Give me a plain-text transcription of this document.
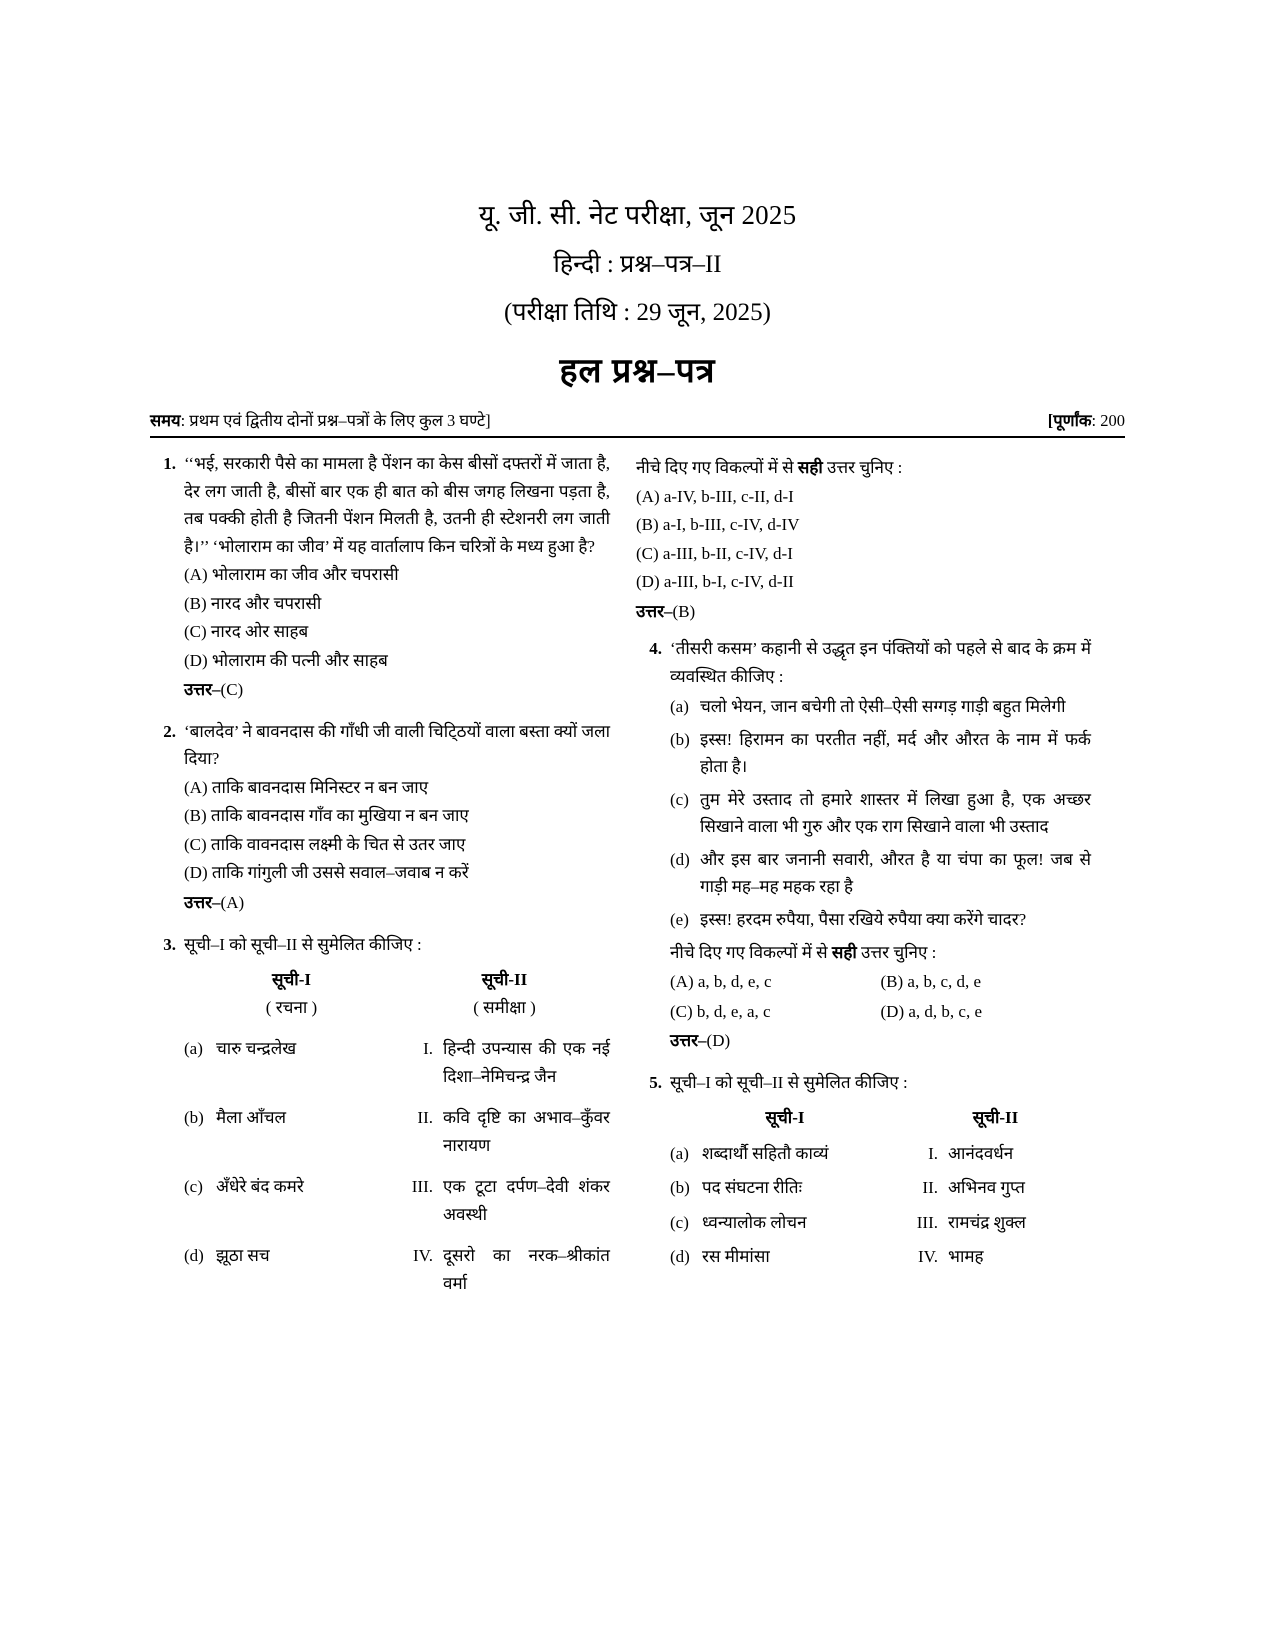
यू. जी. सी. नेट परीक्षा, जून 2025
हिन्दी : प्रश्न–पत्र–II
(परीक्षा तिथि : 29 जून, 2025)
हल प्रश्न–पत्र
समय: प्रथम एवं द्वितीय दोनों प्रश्न–पत्रों के लिए कुल 3 घण्टे]	[पूर्णांक: 200
1. ‘‘भई, सरकारी पैसे का मामला है पेंशन का केस बीसों दफ्तरों में जाता है, देर लग जाती है, बीसों बार एक ही बात को बीस जगह लिखना पड़ता है, तब पक्की होती है जितनी पेंशन मिलती है, उतनी ही स्टेशनरी लग जाती है।’’ ‘भोलाराम का जीव’ में यह वार्तालाप किन चरित्रों के मध्य हुआ है?
(A) भोलाराम का जीव और चपरासी
(B) नारद और चपरासी
(C) नारद ओर साहब
(D) भोलाराम की पत्नी और साहब
उत्तर–(C)
2. ‘बालदेव’ ने बावनदास की गाँधी जी वाली चिटि्ठयों वाला बस्ता क्यों जला दिया?
(A) ताकि बावनदास मिनिस्टर न बन जाए
(B) ताकि बावनदास गाँव का मुखिया न बन जाए
(C) ताकि वावनदास लक्ष्मी के चित से उतर जाए
(D) ताकि गांगुली जी उससे सवाल–जवाब न करें
उत्तर–(A)
3. सूची–I को सूची–II से सुमेलित कीजिए :
सूची-I
( रचना )
सूची-II
( समीक्षा )
(a) चारु चन्द्रलेख	I. हिन्दी उपन्यास की एक नई दिशा–नेमिचन्द्र जैन
(b) मैला आँचल	II. कवि दृष्टि का अभाव–कुँवर नारायण
(c) अँधेरे बंद कमरे	III. एक टूटा दर्पण–देवी शंकर अवस्थी
(d) झूठा सच	IV. दूसरो का नरक–श्रीकांत वर्मा
नीचे दिए गए विकल्पों में से सही उत्तर चुनिए :
(A) a-IV, b-III, c-II, d-I
(B) a-I, b-III, c-IV, d-IV
(C) a-III, b-II, c-IV, d-I
(D) a-III, b-I, c-IV, d-II
उत्तर–(B)
4. ‘तीसरी कसम’ कहानी से उद्धृत इन पंक्तियों को पहले से बाद के क्रम में व्यवस्थित कीजिए :
(a) चलो भेयन, जान बचेगी तो ऐसी–ऐसी सग्गड़ गाड़ी बहुत मिलेगी
(b) इस्स! हिरामन का परतीत नहीं, मर्द और औरत के नाम में फर्क होता है।
(c) तुम मेरे उस्ताद तो हमारे शास्तर में लिखा हुआ है, एक अच्छर सिखाने वाला भी गुरु और एक राग सिखाने वाला भी उस्ताद
(d) और इस बार जनानी सवारी, औरत है या चंपा का फूल! जब से गाड़ी मह–मह महक रहा है
(e) इस्स! हरदम रुपैया, पैसा रखिये रुपैया क्या करेंगे चादर?
नीचे दिए गए विकल्पों में से सही उत्तर चुनिए :
(A) a, b, d, e, c	(B) a, b, c, d, e
(C) b, d, e, a, c	(D) a, d, b, c, e
उत्तर–(D)
5. सूची–I को सूची–II से सुमेलित कीजिए :
सूची-I	सूची-II
(a) शब्दार्थौ सहितौ काव्यं	I. आनंदवर्धन
(b) पद संघटना रीतिः	II. अभिनव गुप्त
(c) ध्वन्यालोक लोचन	III. रामचंद्र शुक्ल
(d) रस मीमांसा	IV. भामह
